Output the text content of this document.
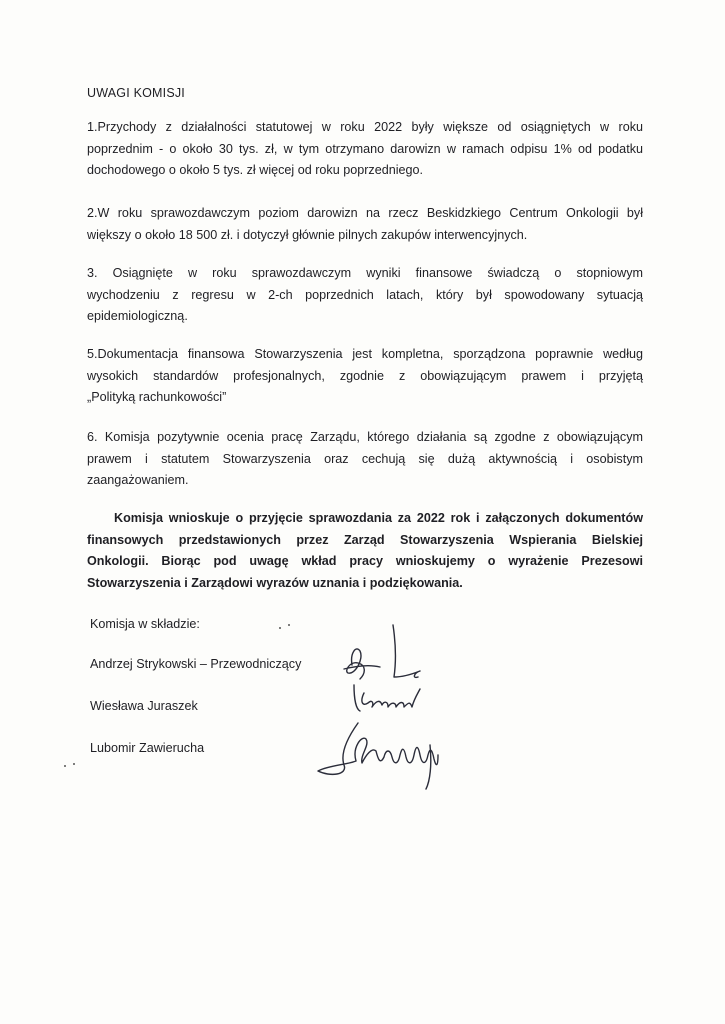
UWAGI KOMISJI
1.Przychody z działalności statutowej w roku 2022 były większe od osiągniętych w roku
poprzednim - o około 30 tys. zł, w tym otrzymano darowizn w ramach odpisu 1% od podatku
dochodowego o około 5 tys. zł więcej od roku poprzedniego.
2.W roku sprawozdawczym poziom darowizn na rzecz Beskidzkiego Centrum Onkologii był
większy o około 18 500 zł. i dotyczył głównie pilnych zakupów interwencyjnych.
3. Osiągnięte w roku sprawozdawczym wyniki finansowe świadczą o stopniowym
wychodzeniu z regresu w 2-ch poprzednich latach, który był spowodowany sytuacją
epidemiologiczną.
5.Dokumentacja finansowa Stowarzyszenia jest kompletna, sporządzona poprawnie według
wysokich standardów profesjonalnych, zgodnie z obowiązującym prawem i przyjętą
„Polityką rachunkowości”
6. Komisja pozytywnie ocenia pracę Zarządu, którego działania są zgodne z obowiązującym
prawem i statutem Stowarzyszenia oraz cechują się dużą aktywnością i osobistym
zaangażowaniem.
Komisja wnioskuje o przyjęcie sprawozdania za 2022 rok i załączonych dokumentów
finansowych przedstawionych przez Zarząd Stowarzyszenia Wspierania Bielskiej
Onkologii. Biorąc pod uwagę wkład pracy wnioskujemy o wyrażenie Prezesowi
Stowarzyszenia i Zarządowi wyrazów uznania i podziękowania.
Komisja w składzie:
Andrzej Strykowski – Przewodniczący
Wiesława Juraszek
Lubomir Zawierucha
